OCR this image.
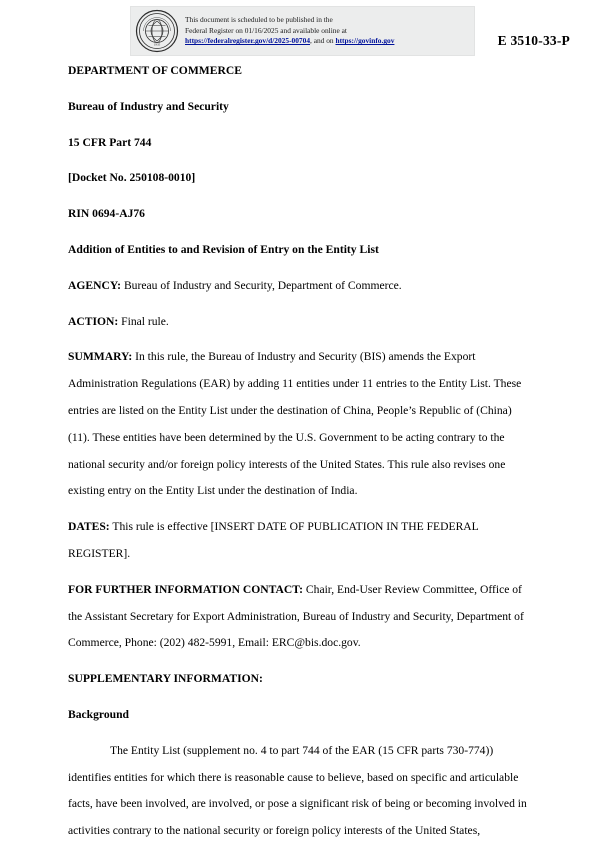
1935
This document is scheduled to be published in the
Federal Register on 01/16/2025 and available online at
https://federalregister.gov/d/2025-00704, and on https://govinfo.gov	E 3510-33-P

DEPARTMENT OF COMMERCE

Bureau of Industry and Security

15 CFR Part 744

[Docket No. 250108-0010]

RIN 0694-AJ76

Addition of Entities to and Revision of Entry on the Entity List

AGENCY: Bureau of Industry and Security, Department of Commerce.

ACTION: Final rule.

SUMMARY: In this rule, the Bureau of Industry and Security (BIS) amends the Export Administration Regulations (EAR) by adding 11 entities under 11 entries to the Entity List. These entries are listed on the Entity List under the destination of China, People’s Republic of (China) (11). These entities have been determined by the U.S. Government to be acting contrary to the national security and/or foreign policy interests of the United States. This rule also revises one existing entry on the Entity List under the destination of India.

DATES: This rule is effective [INSERT DATE OF PUBLICATION IN THE FEDERAL REGISTER].

FOR FURTHER INFORMATION CONTACT: Chair, End-User Review Committee, Office of the Assistant Secretary for Export Administration, Bureau of Industry and Security, Department of Commerce, Phone: (202) 482-5991, Email: ERC@bis.doc.gov.

SUPPLEMENTARY INFORMATION:

Background

The Entity List (supplement no. 4 to part 744 of the EAR (15 CFR parts 730-774)) identifies entities for which there is reasonable cause to believe, based on specific and articulable facts, have been involved, are involved, or pose a significant risk of being or becoming involved in activities contrary to the national security or foreign policy interests of the United States,
